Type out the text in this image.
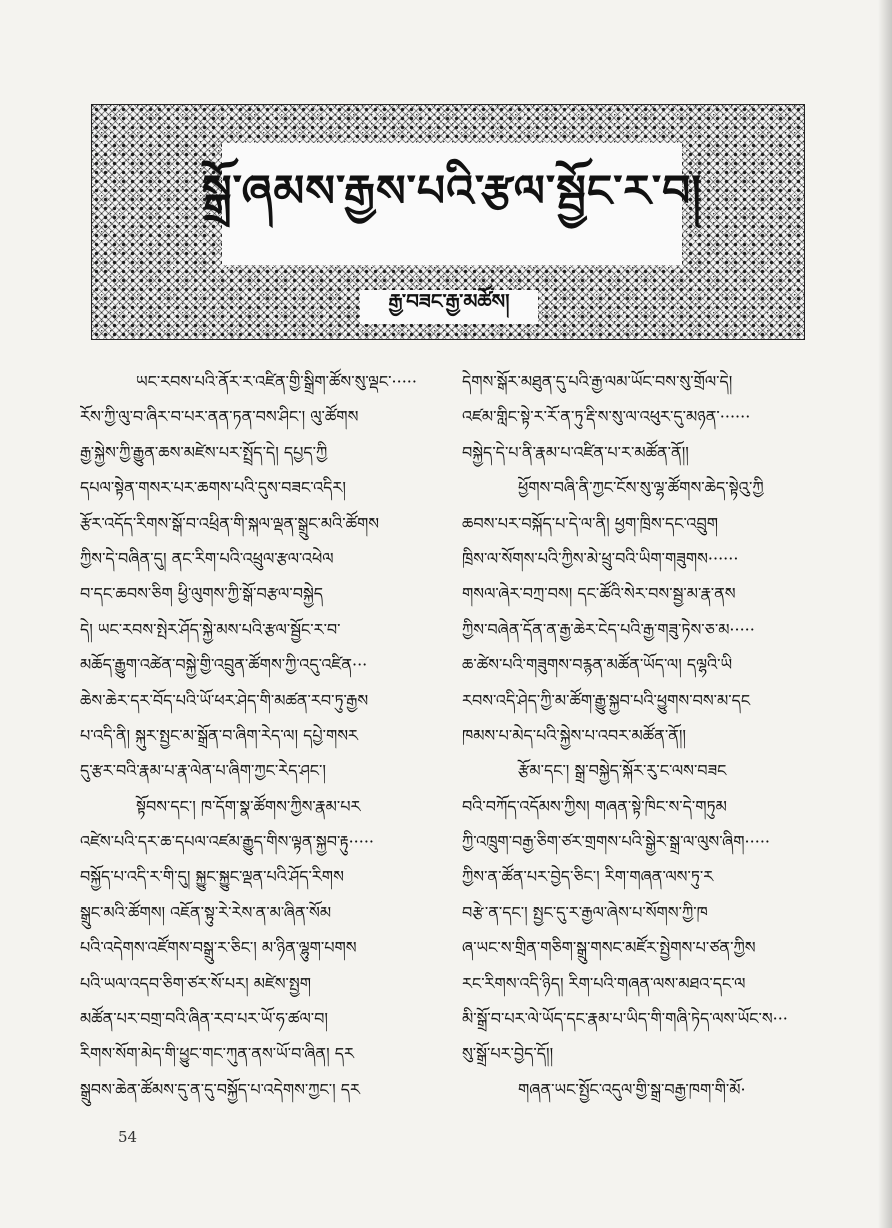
སྒྲོ་ཞམས་རྒྱས་པའི་རྩལ་སྦྱོང་ར་བ།
རྒྱ་བཟང་རྒྱ་མཚོས།
ཡང་རབས་པའི་ནོར་ར་འཛིན་གྱི་སྒྲིག་ཚོས་སུ་ལྡང་·····
རོས་ཀྱི་ལུ་བ་ཞིར་བ་པར་ནན་ཏན་བས་ཤིང་། ལུ་ཚོགས
རྒྱ་སྐྱེས་ཀྱི་རྒྱུན་ཆས་མཛེས་པར་སྤྲོད་དེ། དཔྱད་ཀྱི
དཔལ་སྟེན་གསར་པར་ཆགས་པའི་དུས་བཟང་འདིར།
རྩོར་འདོད་རིགས་སྒོ་བ་འཕྲིན་གི་སྐལ་ལྡན་སྒྲུང་མའི་ཚོགས
ཀྱིས་དེ་བཞིན་དུ། ནང་རིག་པའི་འཕྲུལ་རྩལ་འཕེལ
བ་དང་ཆབས་ཅིག ཕྱི་ལུགས་ཀྱི་སྒོ་བརྩལ་བསྐྱེད
དེ། ཡང་རབས་སྤེར་ཤོད་སྐྱེ་མས་པའི་རྩལ་སྦྱོང་ར་བ་
མཆོད་རྒྱུག་འཚེན་བསྐྱེ་གྱི་འབྲུན་ཚོགས་ཀྱི་འདུ་འཛིན···
ཆེས་ཆེར་དར་བོད་པའི་ཡོ་ཕར་ཤེད་གི་མཚན་རབ་ཏུ་རྒྱས
པ་འདི་ནི། སྐུར་སྤྱང་མ་སྒྲོན་བ་ཞིག་རེད་ལ། དཔྱེ་གསར
དུ་རྩར་བའི་རྣམ་པ་རྣ་ལེན་པ་ཞིག་ཀྱང་རེད་ཤང་།
སྟོབས་དང་། ཁ་དོག་སྣ་ཚོགས་ཀྱིས་རྣམ་པར
འཛེས་པའི་དར་ཆ་དཔལ་འཛམ་རྒྱུད་གིས་ལྟན་སྐྱབ་རྟུ·····
བསྐྱོད་པ་འདི་ར་གི་དུ། སྐྱུང་སྐྱུང་ལྡན་པའི་ཤོད་རིགས
སྒྲུང་མའི་ཚོགས། འཇོན་སྟུ་རེ་རེས་ན་མ་ཞིན་སོམ
པའི་འདེགས་འཛོགས་བསྒྲུ་ར་ཅིང་། མ་ཉིན་ལྷུག་པགས
པའི་ཡལ་འདབ་ཅིག་ཙར་སོ་པར། མཛེས་སྤྱག
མཚོན་པར་བགྲ་བའི་ཞིན་རབ་པར་ཡོ་ཧ་ཚལ་བ།
རིགས་སོག་མེད་གི་ཕྱུང་གང་ཀུན་ནས་ཡོ་བ་ཞིན། དར
སྒྲུབས་ཆེན་ཚོམས་དུ་ན་དུ་བསྐྱོད་པ་འདེགས་ཀྱང་། དར
དེགས་སྒོར་མཐུན་དུ་པའི་རྒྱ་ལམ་ཡོང་བས་སུ་གྲོལ་དེ།
འཛམ་གླིང་སྟེ་ར་རོ་ན་ཏུ་རྡི་ས་སུ་ལ་འཕུར་དུ་མཉན་······
བསྐྱེད་དེ་པ་ནི་རྣམ་པ་འཛིན་པ་ར་མཚོན་ནོ།།
ཕྱོགས་བཞི་ནི་ཀྱང་ངོས་སུ་ལྷ་ཚོགས་ཆེད་སྟེའུ་ཀྱི
ཆབས་པར་བསྐོད་པ་དེ་ལ་ནི། ཕྱག་ཁྲིས་དང་འབྲུག
ཁྲིས་ལ་སོགས་པའི་ཀྱིས་མེ་ཕྲུ་བའི་ཡིག་གཟུགས······
གསལ་ཞེར་བཀྲ་བས། དང་ཚོའི་སེར་བས་སྦྱ་མ་རྣ་ནས
ཀྱིས་བཞེན་དོན་ན་རྒྱ་ཆེར་ངེད་པའི་རྒྱ་གཟུ་ཏེས་ཅ་མ·····
ཆ་ཚེས་པའི་གཟུགས་བརྙན་མཚོན་ཡོད་ལ། དལྷའི་ཡི
རབས་འདི་ཤེད་ཀྱི་མ་ཚོག་རྒྱུ་སྐྱབ་པའི་ཕྱུགས་བས་མ་དང
ཁམས་པ་མེད་པའི་སྐྱེས་པ་འབར་མཚོན་ནོ།།
རྩོམ་དང་། སྒྲ་བསྐྱེད་སྐོར་རུ་ང་ལས་བཟང
བའི་བཀོད་འདོམས་ཀྱིས། གཞན་སྟེ་ཁིང་ས་དེ་གཏུམ
ཀྱི་འཁྲུག་བརྒྱ་ཅིག་ཙར་གྲགས་པའི་སྒྱེར་སྒྲ་ལ་ལུས་ཞིག·····
ཀྱིས་ན་ཚོན་པར་བྱེད་ཅིང་། རིག་གཞན་ལས་ཏུ་ར
བརྩེ་ན་དང་། སྤྱང་དུ་ར་རྒྱལ་ཞེས་པ་སོགས་ཀྱི་ཁ
ཞ་ཡང་ས་གྲིན་གཅིག་སྒྲུ་གསང་མཛོར་སྤྱེགས་པ་ཙན་ཀྱིས
རང་རིགས་འདི་ཉིད། རིག་པའི་གཞན་ལས་མཐའ་དང་ལ
མི་སྒྲོ་བ་པར་ལེ་ཡོད་དང་རྣམ་པ་ཡིད་གི་གཞི་ཏེད་ལས་ཡོང་ས···
སུ་སྒྲོ་པར་བྱེད་དོ།།
གཞན་ཡང་སྤྱོང་འདུལ་གྱི་སྒྲ་བརྒྱ་ཁག་གི་མོ·
54
